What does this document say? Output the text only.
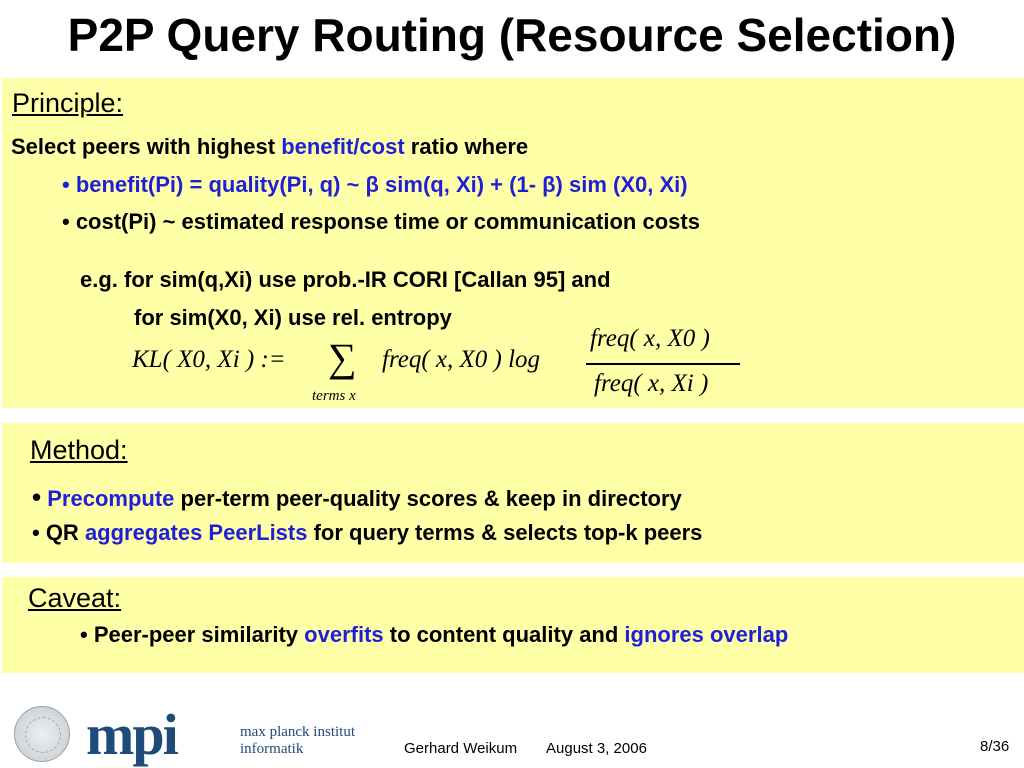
P2P Query Routing (Resource Selection)
Principle:
Select peers with highest benefit/cost ratio where
• benefit(Pi) = quality(Pi, q) ~ β sim(q, Xi) + (1- β) sim (X0, Xi)
• cost(Pi) ~ estimated response time or communication costs
e.g. for sim(q,Xi) use prob.-IR CORI [Callan 95] and
for sim(X0, Xi) use rel. entropy
KL( X0, Xi ) := ∑
terms x
freq( x, X0 ) log
freq( x, X0 )
freq( x, Xi )
Method:
• Precompute per-term peer-quality scores & keep in directory
• QR aggregates PeerLists for query terms & selects top-k peers
Caveat:
• Peer-peer similarity overfits to content quality and ignores overlap
mpi	max planck institut
informatik	Gerhard Weikum August 3, 2006	8/36
